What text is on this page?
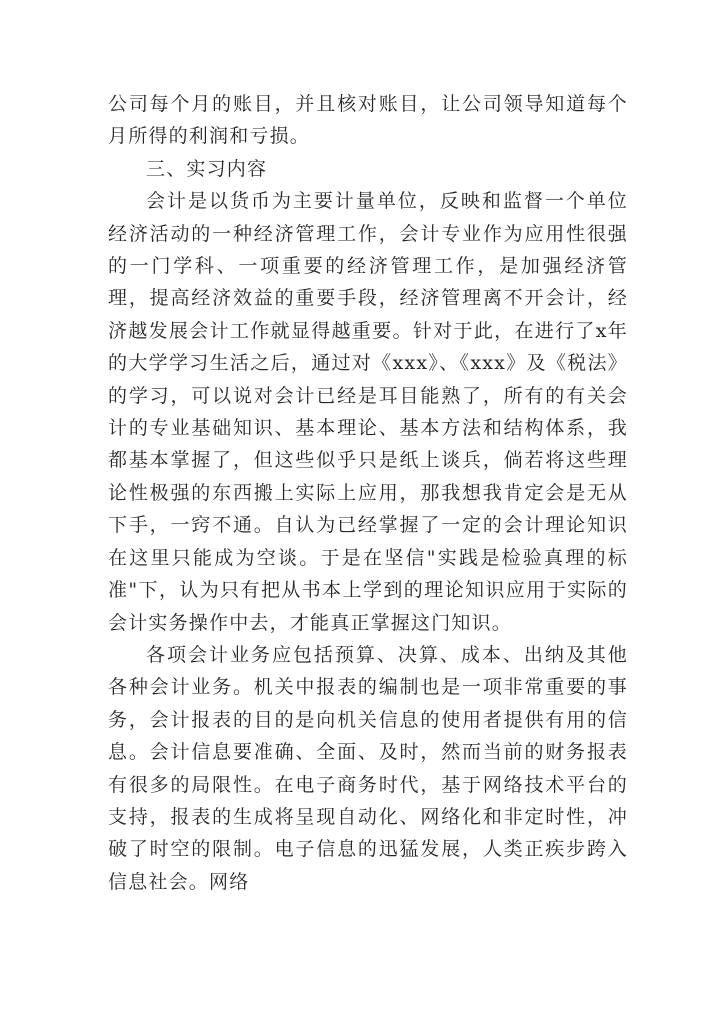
公司每个月的账目，并且核对账目，让公司领导知道每个月所得的利润和亏损。

三、实习内容

会计是以货币为主要计量单位，反映和监督一个单位经济活动的一种经济管理工作，会计专业作为应用性很强的一门学科、一项重要的经济管理工作，是加强经济管理，提高经济效益的重要手段，经济管理离不开会计，经济越发展会计工作就显得越重要。针对于此，在进行了x年的大学学习生活之后，通过对《xxx》、《xxx》及《税法》的学习，可以说对会计已经是耳目能熟了，所有的有关会计的专业基础知识、基本理论、基本方法和结构体系，我都基本掌握了，但这些似乎只是纸上谈兵，倘若将这些理论性极强的东西搬上实际上应用，那我想我肯定会是无从下手，一窍不通。自认为已经掌握了一定的会计理论知识在这里只能成为空谈。于是在坚信"实践是检验真理的标准"下，认为只有把从书本上学到的理论知识应用于实际的会计实务操作中去，才能真正掌握这门知识。

各项会计业务应包括预算、决算、成本、出纳及其他各种会计业务。机关中报表的编制也是一项非常重要的事务，会计报表的目的是向机关信息的使用者提供有用的信息。会计信息要准确、全面、及时，然而当前的财务报表有很多的局限性。在电子商务时代，基于网络技术平台的支持，报表的生成将呈现自动化、网络化和非定时性，冲破了时空的限制。电子信息的迅猛发展，人类正疾步跨入信息社会。网络
